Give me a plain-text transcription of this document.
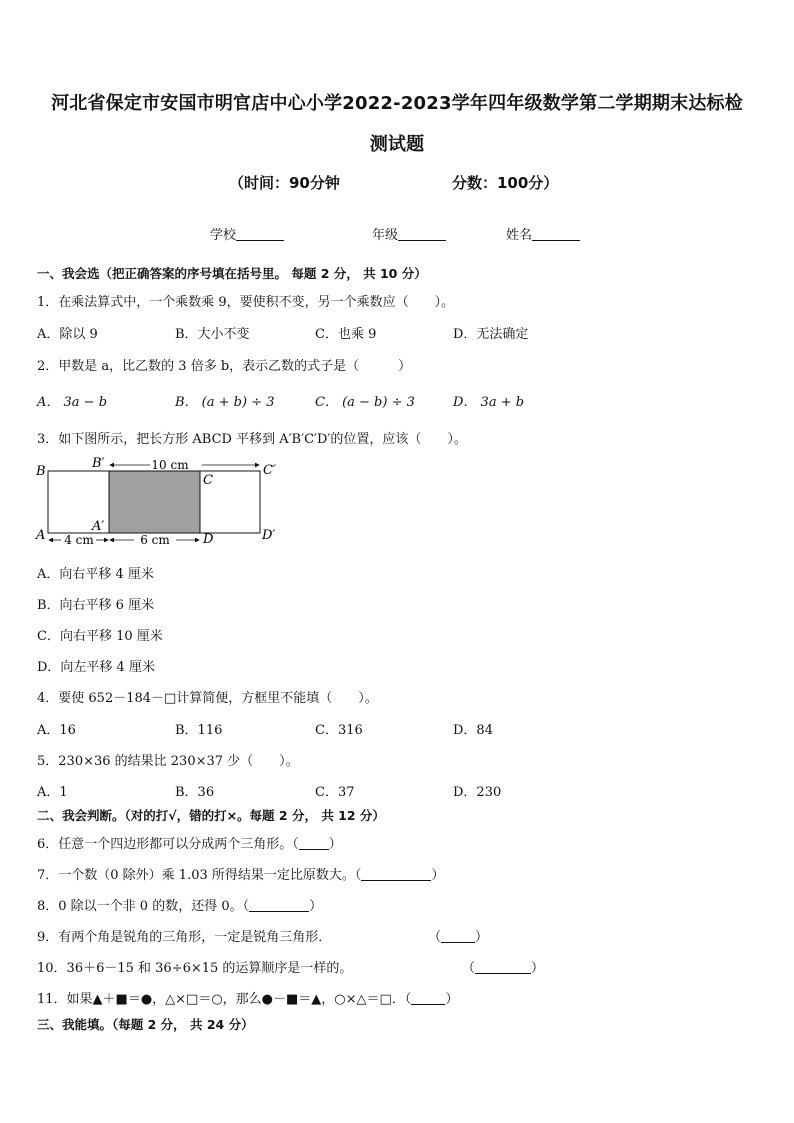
河北省保定市安国市明官店中心小学2022-2023学年四年级数学第二学期期末达标检
测试题
（时间：90分钟	分数：100分）
学校	年级	姓名
一、我会选（把正确答案的序号填在括号里。 每题 2 分， 共 10 分）
1．在乘法算式中，一个乘数乘 9，要使积不变，另一个乘数应（　　）。
A．除以 9	B．大小不变	C．也乘 9	D．无法确定
2．甲数是 a，比乙数的 3 倍多 b，表示乙数的式子是（　　　）
A． 3a − b	B． (a + b) ÷ 3	C． (a − b) ÷ 3	D． 3a + b
3．如下图所示，把长方形 ABCD 平移到 A′B′C′D′的位置，应该（　　）。
10 cm
4 cm	6 cm
B
B′
C
C′
A
A′
D	D′
A．向右平移 4 厘米
B．向右平移 6 厘米
C．向右平移 10 厘米
D．向左平移 4 厘米
4．要使 652－184－□计算简便，方框里不能填（　　）。
A．16	B．116	C．316	D．84
5．230×36 的结果比 230×37 少（　　）。
A．1	B．36	C．37	D．230
二、我会判断。（对的打√，错的打×。每题 2 分， 共 12 分）
6．任意一个四边形都可以分成两个三角形。（ ）
7．一个数（0 除外）乘 1.03 所得结果一定比原数大。（	）
8．0 除以一个非 0 的数，还得 0。（	）
9．有两个角是锐角的三角形，一定是锐角三角形．	（	）
10．36＋6－15 和 36÷6×15 的运算顺序是一样的。	（	）
11．如果▲＋■＝●，△×□＝○，那么●－■＝▲，○×△＝□．（	）
三、我能填。（每题 2 分， 共 24 分）
